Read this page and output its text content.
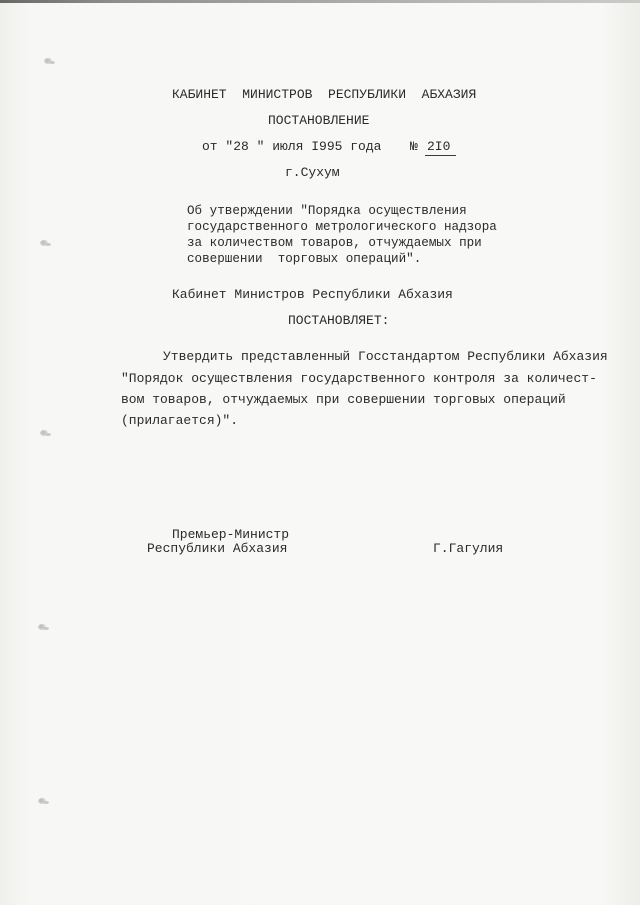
КАБИНЕТ  МИНИСТРОВ  РЕСПУБЛИКИ  АБХАЗИЯ
ПОСТАНОВЛЕНИЕ
от "28 " июля I995 года № 2I0
г.Сухум
Об утверждении "Порядка осуществления
государственного метрологического надзора
за количеством товаров, отчуждаемых при
совершении  торговых операций".
Кабинет Министров Республики Абхазия
ПОСТАНОВЛЯЕТ:
Утвердить представленный Госстандартом Республики Абхазия
"Порядок осуществления государственного контроля за количест-
вом товаров, отчуждаемых при совершении торговых операций
(прилагается)".
Премьер-Министр
Республики Абхазия	Г.Гагулия
